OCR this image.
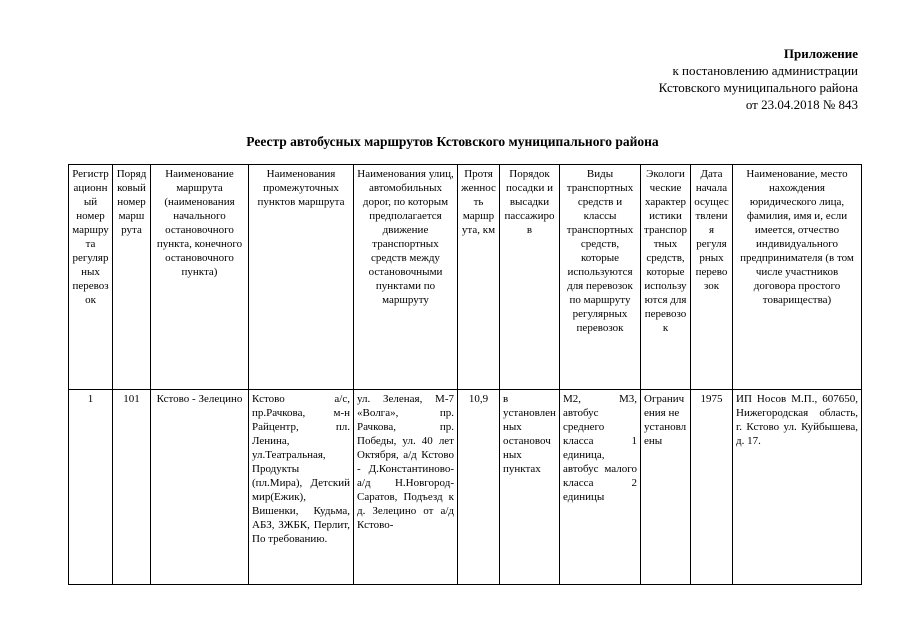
Приложение
к постановлению администрации
Кстовского муниципального района
от 23.04.2018 № 843
Реестр автобусных маршрутов Кстовского муниципального района
Регистрационный номер маршрута регулярных перевозок	Порядковый номер маршрута	Наименование маршрута (наименования начального остановочного пункта, конечного остановочного пункта)	Наименования промежуточных пунктов маршрута	Наименования улиц, автомобильных дорог, по которым предполагается движение транспортных средств между остановочными пунктами по маршруту	Протяженность маршрута, км	Порядок посадки и высадки пассажиров	Виды транспортных средств и классы транспортных средств, которые используются для перевозок по маршруту регулярных перевозок	Экологические характеристики транспортных средств, которые используются для перевозок	Дата начала осуществления регулярных перевозок	Наименование, место нахождения юридического лица, фамилия, имя и, если имеется, отчество индивидуального предпринимателя (в том числе участников договора простого товарищества)
1	101	Кстово - Зелецино	Кстово а/с, пр.Рачкова, м-н Райцентр, пл. Ленина, ул.Театральная, Продукты (пл.Мира), Детский мир(Ежик), Вишенки, Кудьма, АБЗ, ЗЖБК, Перлит, По требованию.	ул. Зеленая, М-7 «Волга», пр. Рачкова, пр. Победы, ул. 40 лет Октября, а/д Кстово - Д.Константиново-а/д Н.Новгород-Саратов, Подъезд к д. Зелецино от а/д Кстово-	10,9	в установленных остановочных пунктах	М2, М3, автобус среднего класса 1 единица, автобус малого класса 2 единицы	Ограничения не установлены	1975	ИП Носов М.П., 607650, Нижегородская область, г. Кстово ул. Куйбышева, д. 17.
